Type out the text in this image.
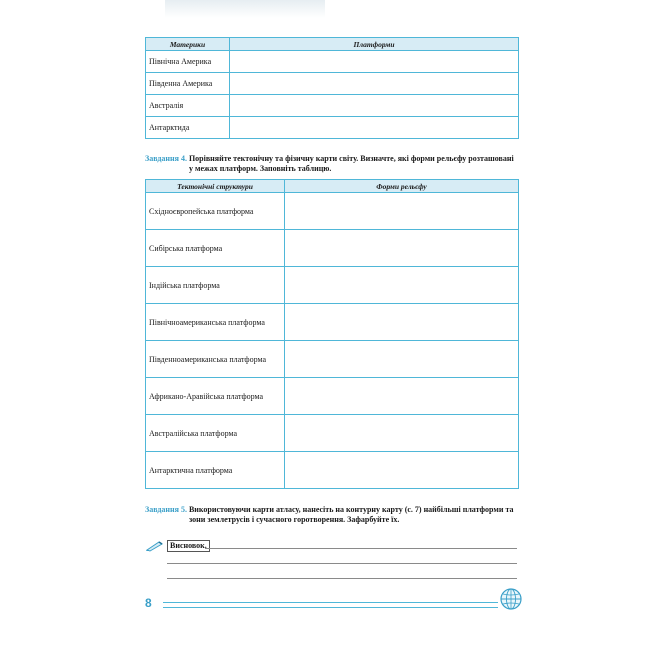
Материки	Платформи
Північна Америка	
Південна Америка	
Австралія	
Антарктида	
Завдання 4. Порівняйте тектонічну та фізичну карти світу. Визначте, які форми рельєфу розташовані
у межах платформ. Заповніть таблицю.
Тектонічні структури	Форми рельєфу
Східноєвропейська платформа	
Сибірська платформа	
Індійська платформа	
Північноамериканська платформа	
Південноамериканська платформа	
Африкано-Аравійська платформа	
Австралійська платформа	
Антарктична платформа	
Завдання 5. Використовуючи карти атласу, нанесіть на контурну карту (с. 7) найбільші платформи та
зони землетрусів і сучасного горотворення. Зафарбуйте їх.
Висновок.
8
